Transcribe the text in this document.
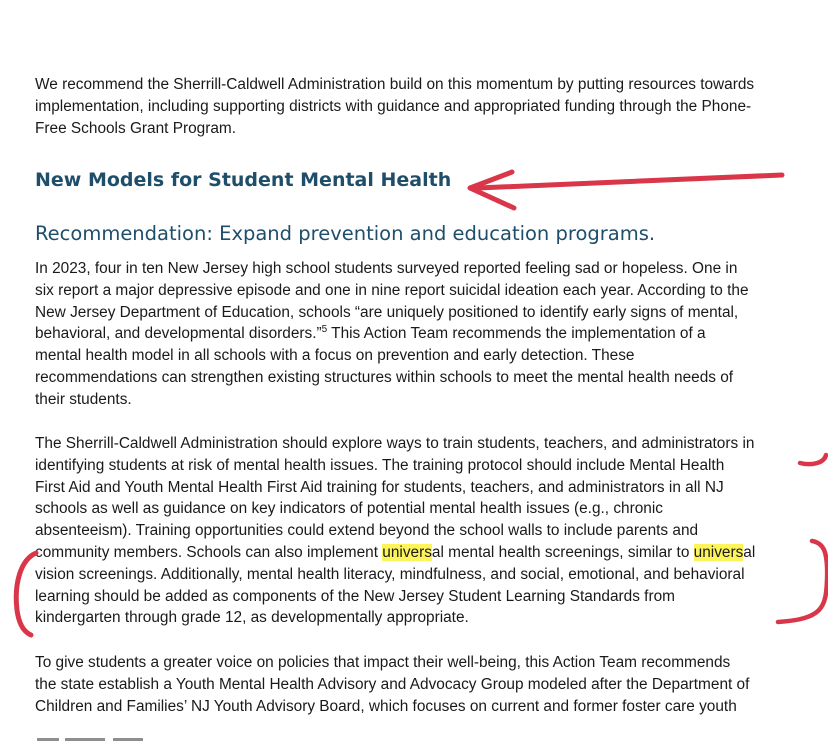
We recommend the Sherrill-Caldwell Administration build on this momentum by putting resources towards
implementation, including supporting districts with guidance and appropriated funding through the Phone-
Free Schools Grant Program.
New Models for Student Mental Health
Recommendation: Expand prevention and education programs.
In 2023, four in ten New Jersey high school students surveyed reported feeling sad or hopeless. One in
six report a major depressive episode and one in nine report suicidal ideation each year. According to the
New Jersey Department of Education, schools “are uniquely positioned to identify early signs of mental,
behavioral, and developmental disorders.”$^5$ This Action Team recommends the implementation of a
mental health model in all schools with a focus on prevention and early detection. These
recommendations can strengthen existing structures within schools to meet the mental health needs of
their students.
The Sherrill-Caldwell Administration should explore ways to train students, teachers, and administrators in
identifying students at risk of mental health issues. The training protocol should include Mental Health
First Aid and Youth Mental Health First Aid training for students, teachers, and administrators in all NJ
schools as well as guidance on key indicators of potential mental health issues (e.g., chronic
absenteeism). Training opportunities could extend beyond the school walls to include parents and
community members. Schools can also implement universal mental health screenings, similar to universal
vision screenings. Additionally, mental health literacy, mindfulness, and social, emotional, and behavioral
learning should be added as components of the New Jersey Student Learning Standards from
kindergarten through grade 12, as developmentally appropriate.
To give students a greater voice on policies that impact their well-being, this Action Team recommends
the state establish a Youth Mental Health Advisory and Advocacy Group modeled after the Department of
Children and Families’ NJ Youth Advisory Board, which focuses on current and former foster care youth
